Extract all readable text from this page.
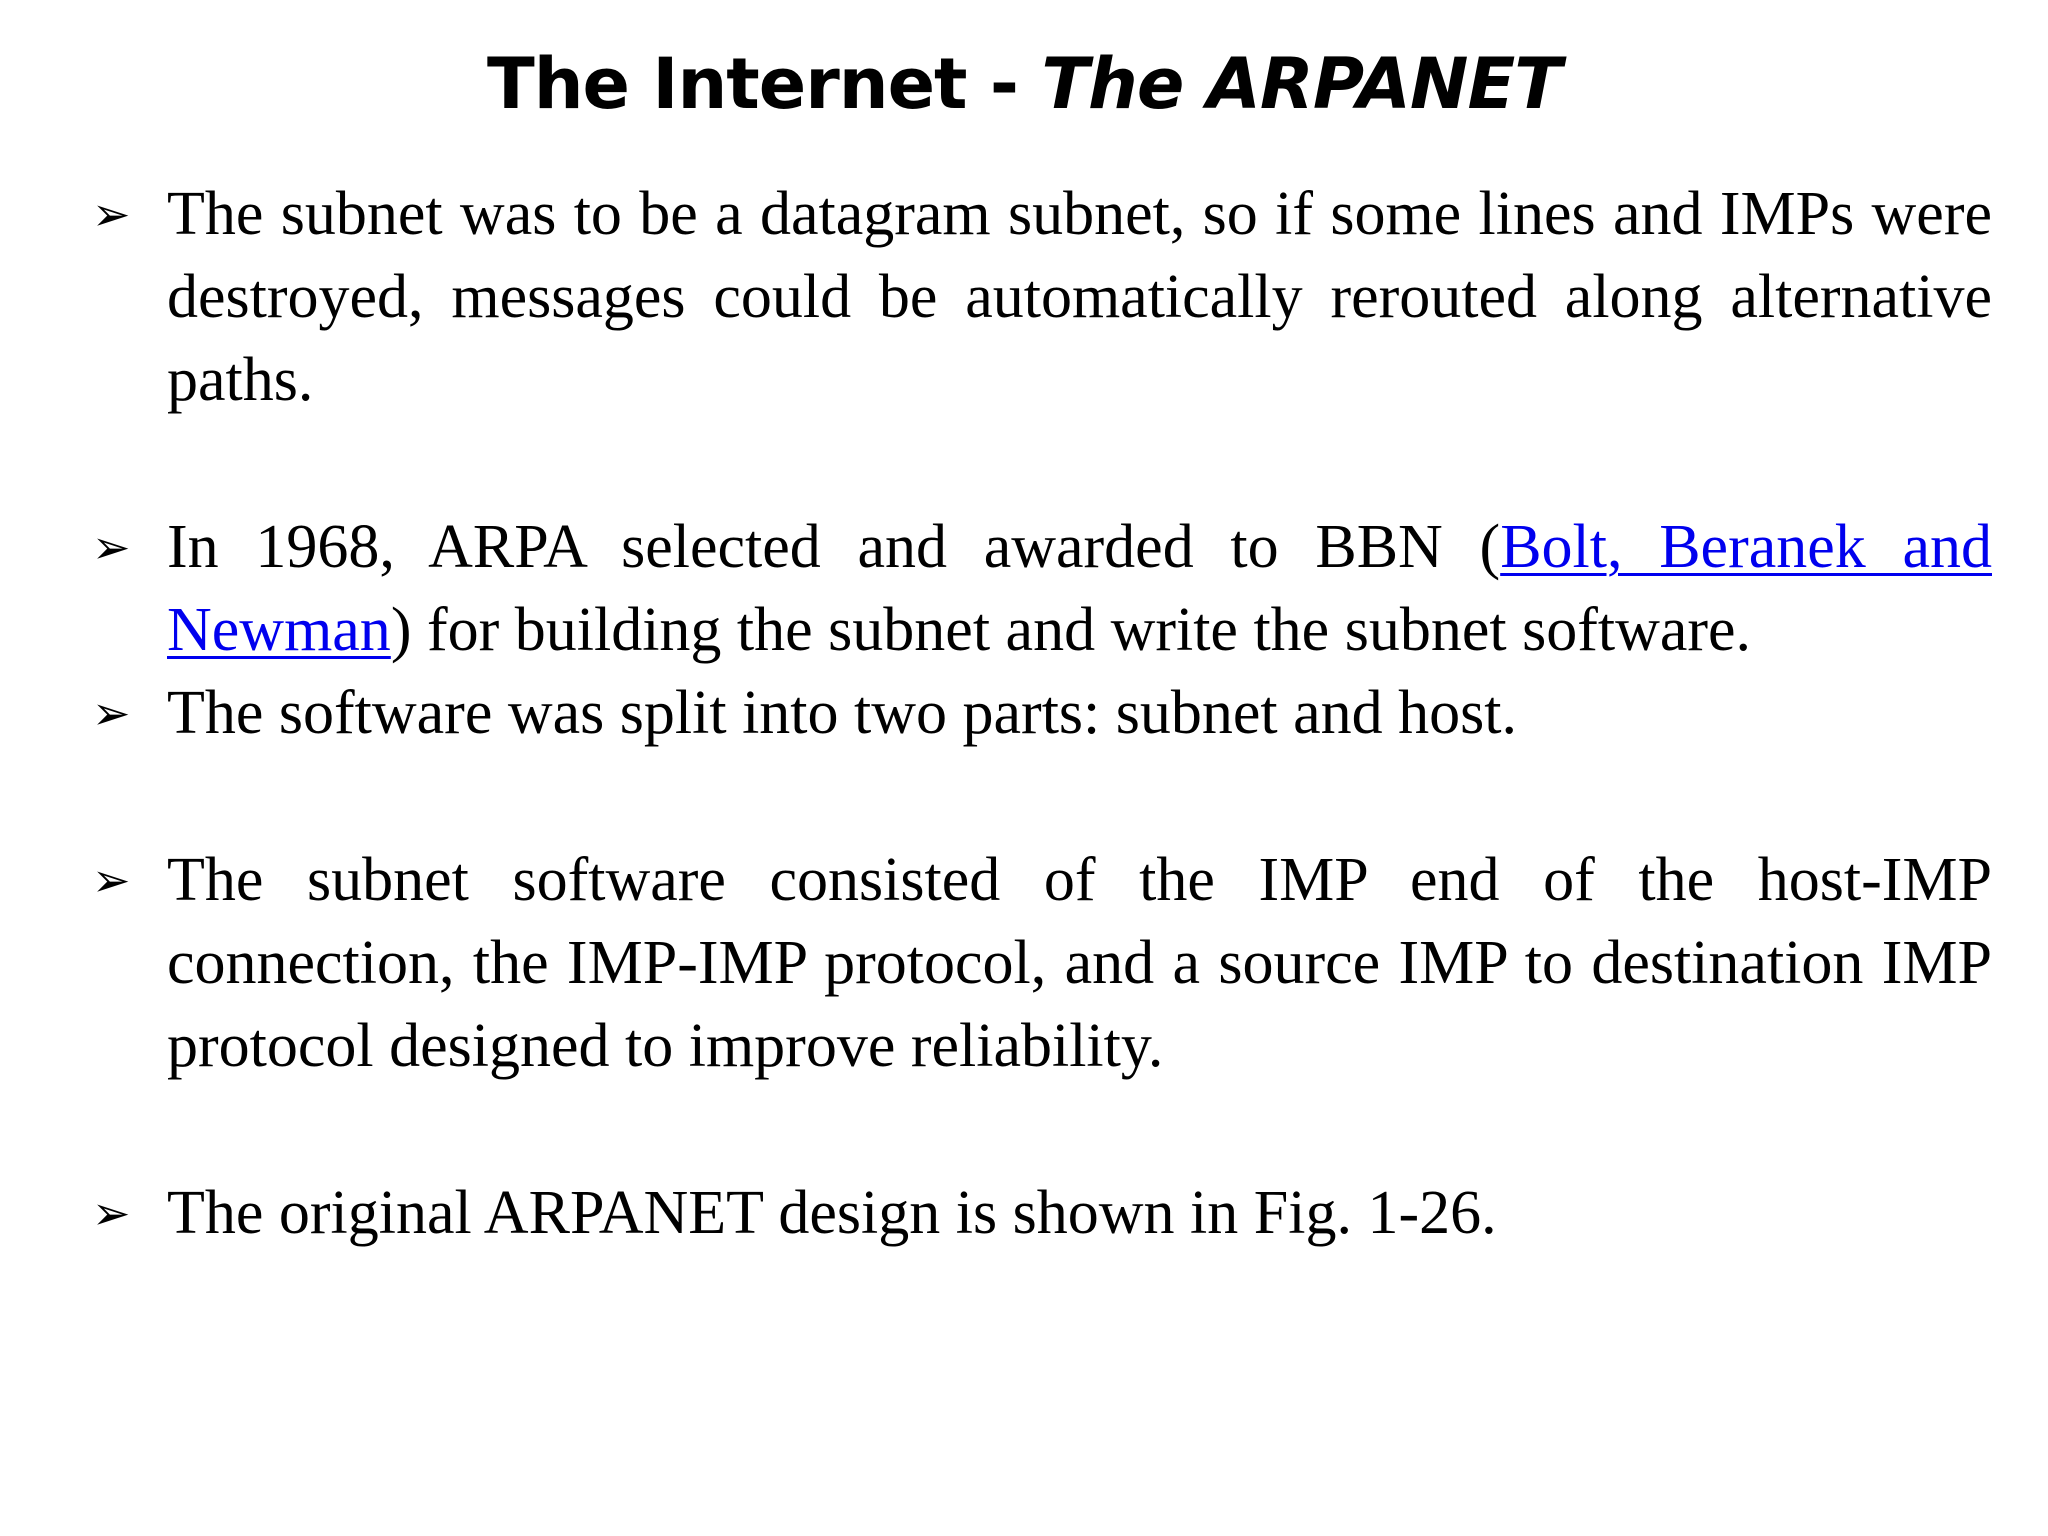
The Internet - The ARPANET
➢ The subnet was to be a datagram subnet, so if some lines and IMPs were destroyed, messages could be automatically rerouted along alternative paths.
➢ In 1968, ARPA selected and awarded to BBN (Bolt, Beranek and Newman) for building the subnet and write the subnet software.
➢ The software was split into two parts: subnet and host.
➢ The subnet software consisted of the IMP end of the host-IMP connection, the IMP-IMP protocol, and a source IMP to destination IMP protocol designed to improve reliability.
➢ The original ARPANET design is shown in Fig. 1-26.
